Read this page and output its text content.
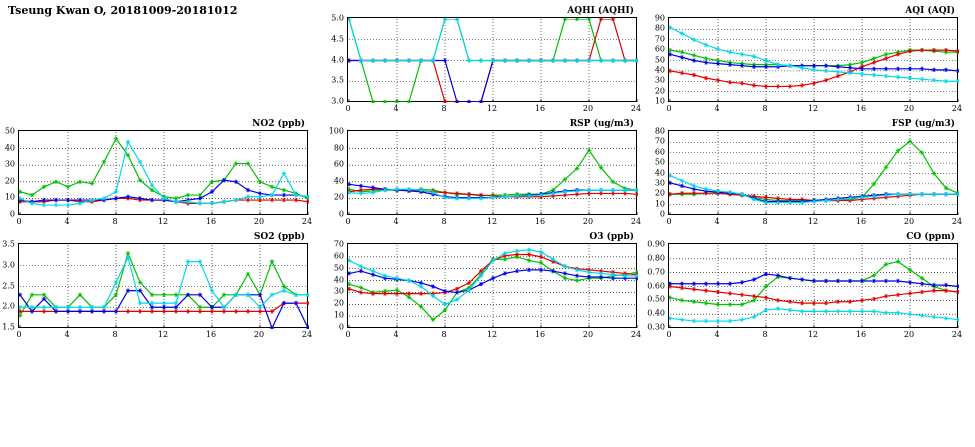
Tseung Kwan O, 20181009-20181012
NO2 (ppb)
0
10
20
30
40
50
0	4	8	12	16	20	24
SO2 (ppb)
1.5
2.0
2.5
3.0
3.5
0	4	8	12	16	20	24
AQHI (AQHI)
3.0
3.5
4.0
4.5
5.0
0	4	8	12	16	20	24
RSP (ug/m3)
0
20
40
60
80
100
0	4	8	12	16	20	24
O3 (ppb)
0
10
20
30
40
50
60
70
0	4	8	12	16	20	24
AQI (AQI)
10
20
30
40
50
60
70
80
90
0	4	8	12	16	20	24
FSP (ug/m3)
0
10
20
30
40
50
60
70
80
0	4	8	12	16	20	24
CO (ppm)
0.30
0.40
0.50
0.60
0.70
0.80
0.90
0	4	8	12	16	20	24
